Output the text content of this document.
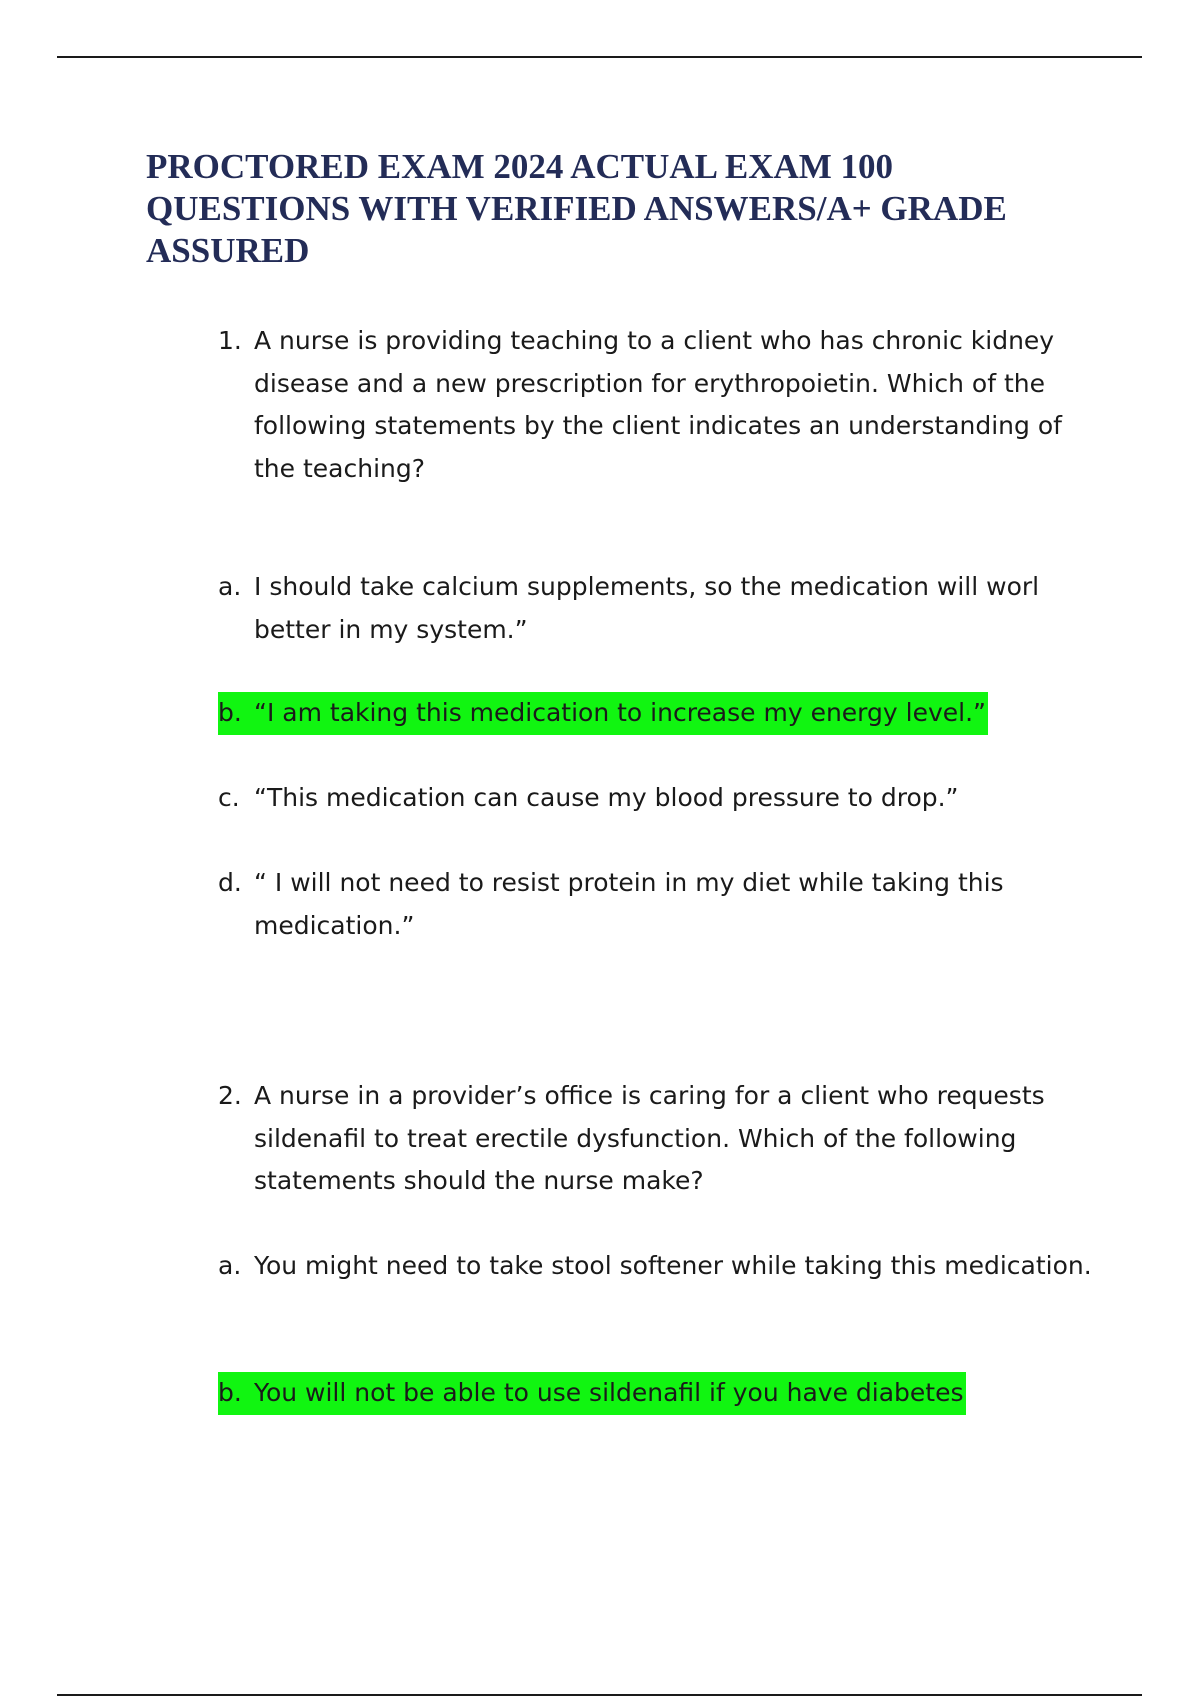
PROCTORED EXAM 2024 ACTUAL EXAM 100 QUESTIONS WITH VERIFIED ANSWERS/A+ GRADE ASSURED
1. A nurse is providing teaching to a client who has chronic kidney disease and a new prescription for erythropoietin. Which of the following statements by the client indicates an understanding of the teaching?
a. I should take calcium supplements, so the medication will worl better in my system.”
b. “I am taking this medication to increase my energy level.”
c. “This medication can cause my blood pressure to drop.”
d. “ I will not need to resist protein in my diet while taking this medication.”
2. A nurse in a provider’s office is caring for a client who requests sildenafil to treat erectile dysfunction. Which of the following statements should the nurse make?
a. You might need to take stool softener while taking this medication.
b. You will not be able to use sildenafil if you have diabetes
